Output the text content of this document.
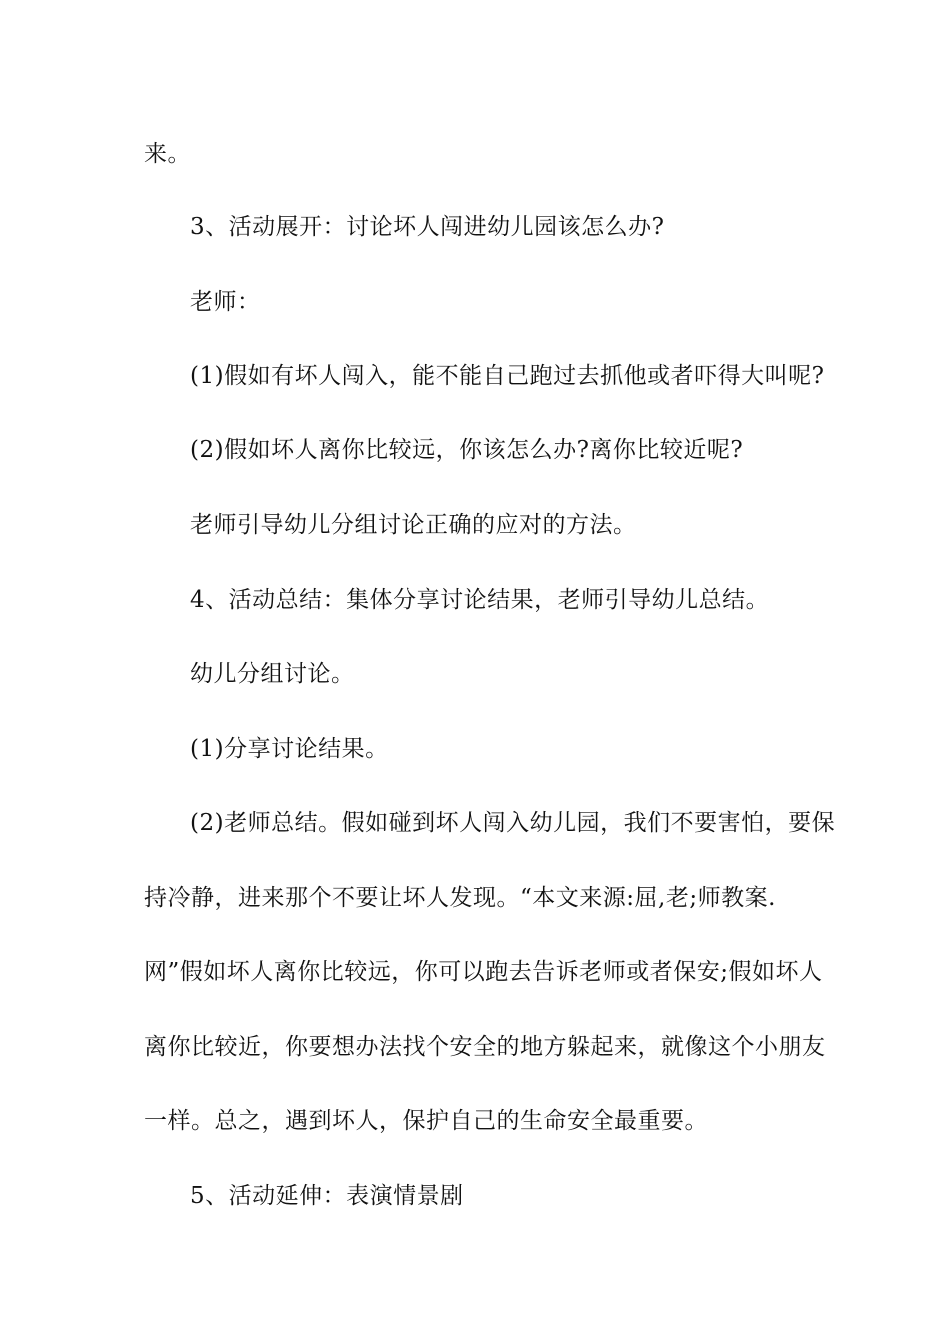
来。
3、活动展开：讨论坏人闯进幼儿园该怎么办?
老师：
(1)假如有坏人闯入，能不能自己跑过去抓他或者吓得大叫呢?
(2)假如坏人离你比较远，你该怎么办?离你比较近呢?
老师引导幼儿分组讨论正确的应对的方法。
4、活动总结：集体分享讨论结果，老师引导幼儿总结。
幼儿分组讨论。
(1)分享讨论结果。
(2)老师总结。假如碰到坏人闯入幼儿园，我们不要害怕，要保
持冷静，进来那个不要让坏人发现。“本文来源:屈,老;师教案.
网”假如坏人离你比较远，你可以跑去告诉老师或者保安;假如坏人
离你比较近，你要想办法找个安全的地方躲起来，就像这个小朋友
一样。总之，遇到坏人，保护自己的生命安全最重要。
5、活动延伸：表演情景剧
